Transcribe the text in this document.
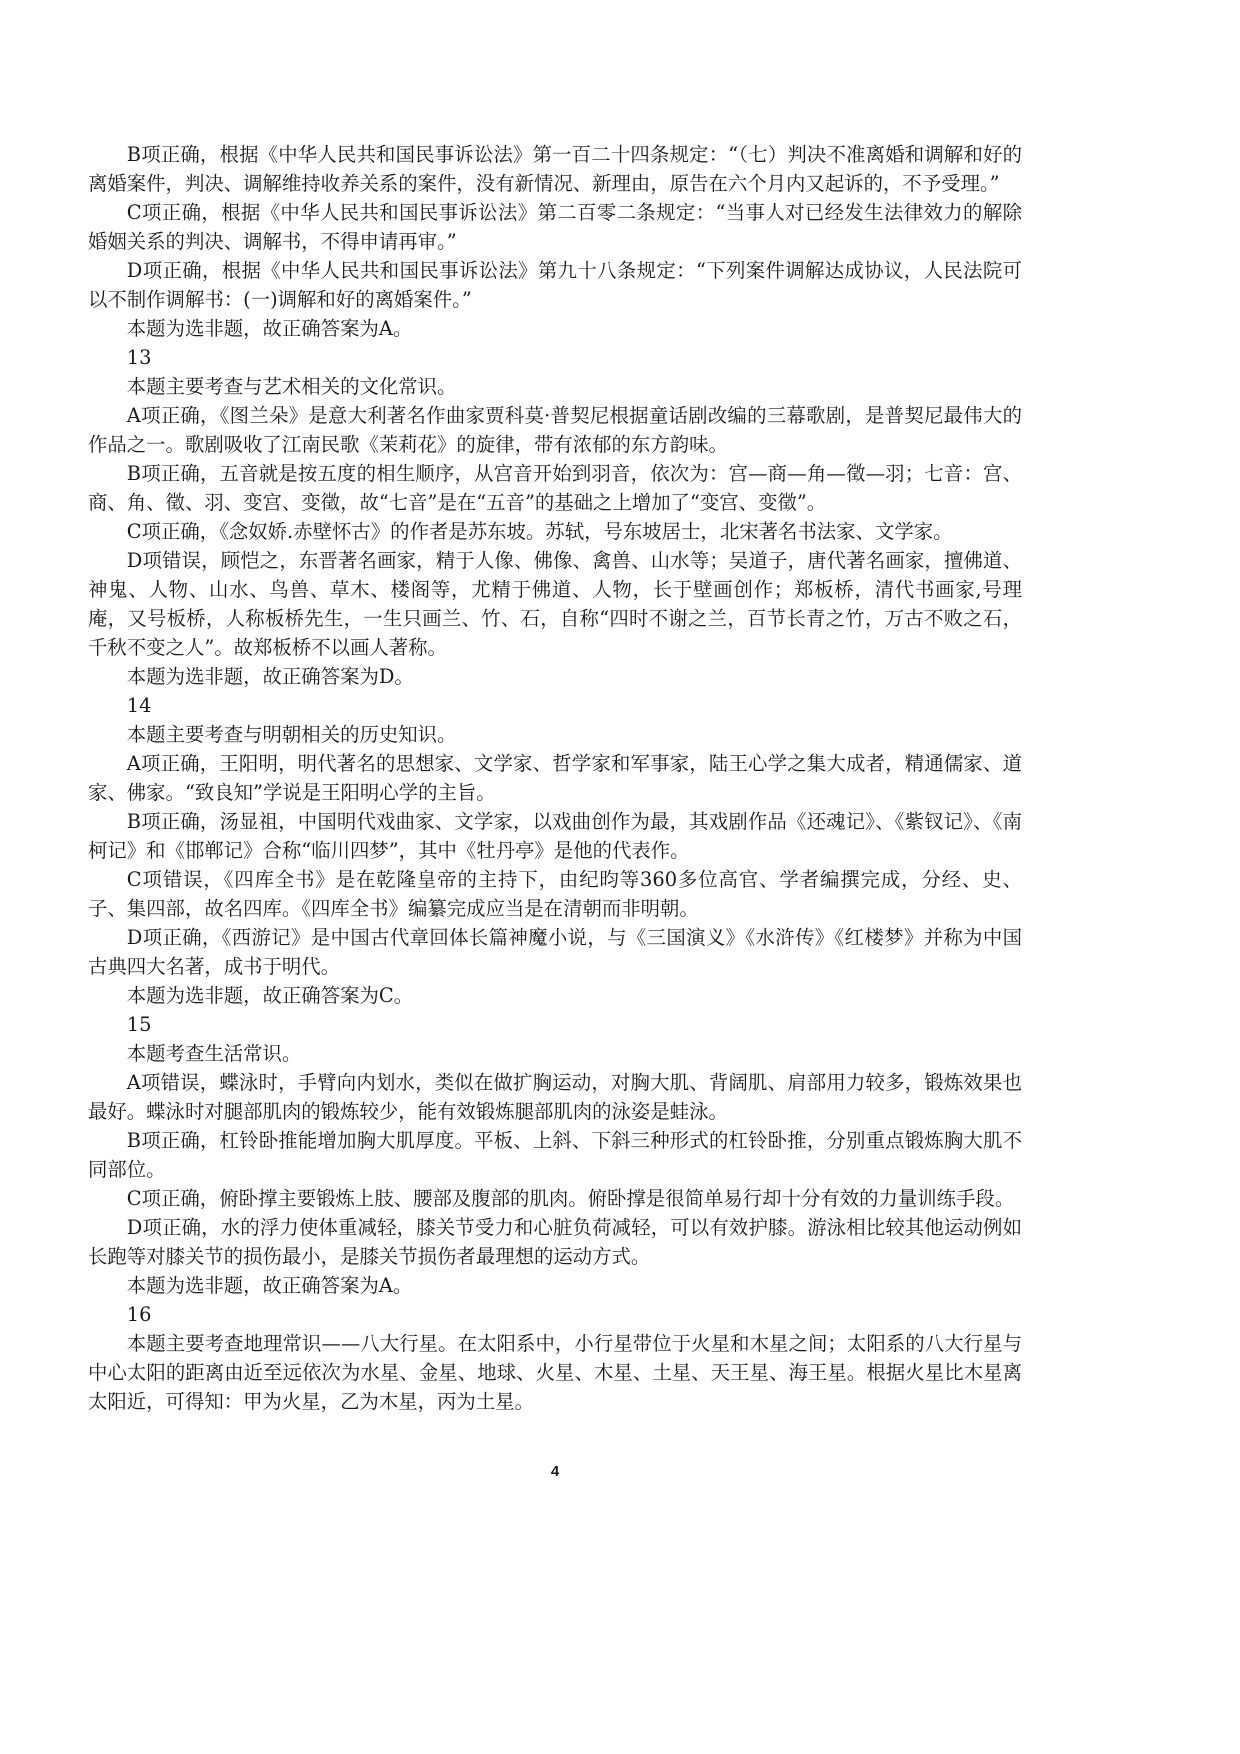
B项正确，根据《中华人民共和国民事诉讼法》第一百二十四条规定：“（七）判决不准离婚和调解和好的离婚案件，判决、调解维持收养关系的案件，没有新情况、新理由，原告在六个月内又起诉的，不予受理。”

C项正确，根据《中华人民共和国民事诉讼法》第二百零二条规定：“当事人对已经发生法律效力的解除婚姻关系的判决、调解书，不得申请再审。”

D项正确，根据《中华人民共和国民事诉讼法》第九十八条规定：“下列案件调解达成协议，人民法院可以不制作调解书：(一)调解和好的离婚案件。”

本题为选非题，故正确答案为A。

13

本题主要考查与艺术相关的文化常识。

A项正确，《图兰朵》是意大利著名作曲家贾科莫·普契尼根据童话剧改编的三幕歌剧，是普契尼最伟大的作品之一。歌剧吸收了江南民歌《茉莉花》的旋律，带有浓郁的东方韵味。

B项正确，五音就是按五度的相生顺序，从宫音开始到羽音，依次为：宫—商—角—徵—羽；七音：宫、商、角、徵、羽、变宫、变徵，故“七音”是在“五音”的基础之上增加了“变宫、变徵”。

C项正确，《念奴娇.赤壁怀古》的作者是苏东坡。苏轼，号东坡居士，北宋著名书法家、文学家。

D项错误，顾恺之，东晋著名画家，精于人像、佛像、禽兽、山水等；吴道子，唐代著名画家，擅佛道、神鬼、人物、山水、鸟兽、草木、楼阁等，尤精于佛道、人物，长于壁画创作；郑板桥，清代书画家,号理庵，又号板桥，人称板桥先生，一生只画兰、竹、石，自称“四时不谢之兰，百节长青之竹，万古不败之石，千秋不变之人”。故郑板桥不以画人著称。

本题为选非题，故正确答案为D。

14

本题主要考查与明朝相关的历史知识。

A项正确，王阳明，明代著名的思想家、文学家、哲学家和军事家，陆王心学之集大成者，精通儒家、道家、佛家。“致良知”学说是王阳明心学的主旨。

B项正确，汤显祖，中国明代戏曲家、文学家，以戏曲创作为最，其戏剧作品《还魂记》、《紫钗记》、《南柯记》和《邯郸记》合称“临川四梦”，其中《牡丹亭》是他的代表作。

C项错误，《四库全书》是在乾隆皇帝的主持下，由纪昀等360多位高官、学者编撰完成，分经、史、子、集四部，故名四库。《四库全书》编纂完成应当是在清朝而非明朝。

D项正确，《西游记》是中国古代章回体长篇神魔小说，与《三国演义》《水浒传》《红楼梦》并称为中国古典四大名著，成书于明代。

本题为选非题，故正确答案为C。

15

本题考查生活常识。

A项错误，蝶泳时，手臂向内划水，类似在做扩胸运动，对胸大肌、背阔肌、肩部用力较多，锻炼效果也最好。蝶泳时对腿部肌肉的锻炼较少，能有效锻炼腿部肌肉的泳姿是蛙泳。

B项正确，杠铃卧推能增加胸大肌厚度。平板、上斜、下斜三种形式的杠铃卧推，分别重点锻炼胸大肌不同部位。

C项正确，俯卧撑主要锻炼上肢、腰部及腹部的肌肉。俯卧撑是很简单易行却十分有效的力量训练手段。

D项正确，水的浮力使体重减轻，膝关节受力和心脏负荷减轻，可以有效护膝。游泳相比较其他运动例如长跑等对膝关节的损伤最小，是膝关节损伤者最理想的运动方式。

本题为选非题，故正确答案为A。

16

本题主要考查地理常识——八大行星。在太阳系中，小行星带位于火星和木星之间；太阳系的八大行星与中心太阳的距离由近至远依次为水星、金星、地球、火星、木星、土星、天王星、海王星。根据火星比木星离太阳近，可得知：甲为火星，乙为木星，丙为土星。

4
